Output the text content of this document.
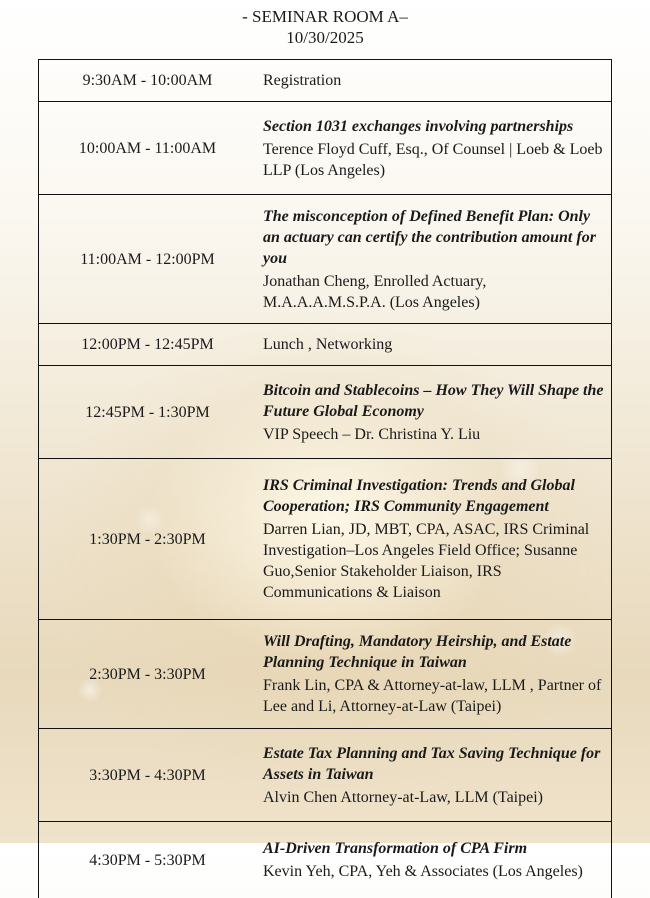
- SEMINAR ROOM A–
10/30/2025
9:30AM - 10:00AM	Registration

10:00AM - 11:00AM	Section 1031 exchanges involving partnerships
Terence Floyd Cuff, Esq., Of Counsel | Loeb & Loeb LLP (Los Angeles)

11:00AM - 12:00PM	The misconception of Defined Benefit Plan: Only an actuary can certify the contribution amount for you
Jonathan Cheng, Enrolled Actuary, M.A.A.A.M.S.P.A. (Los Angeles)

12:00PM - 12:45PM	Lunch , Networking

12:45PM - 1:30PM	Bitcoin and Stablecoins – How They Will Shape the Future Global Economy
VIP Speech – Dr. Christina Y. Liu

1:30PM - 2:30PM	IRS Criminal Investigation: Trends and Global Cooperation; IRS Community Engagement
Darren Lian, JD, MBT, CPA, ASAC, IRS Criminal Investigation–Los Angeles Field Office; Susanne Guo,Senior Stakeholder Liaison, IRS Communications & Liaison

2:30PM - 3:30PM	Will Drafting, Mandatory Heirship, and Estate Planning Technique in Taiwan
Frank Lin, CPA & Attorney-at-law, LLM , Partner of Lee and Li, Attorney-at-Law (Taipei)

3:30PM - 4:30PM	Estate Tax Planning and Tax Saving Technique for Assets in Taiwan
Alvin Chen Attorney-at-Law, LLM (Taipei)

4:30PM - 5:30PM	AI-Driven Transformation of CPA Firm
Kevin Yeh, CPA, Yeh & Associates (Los Angeles)
